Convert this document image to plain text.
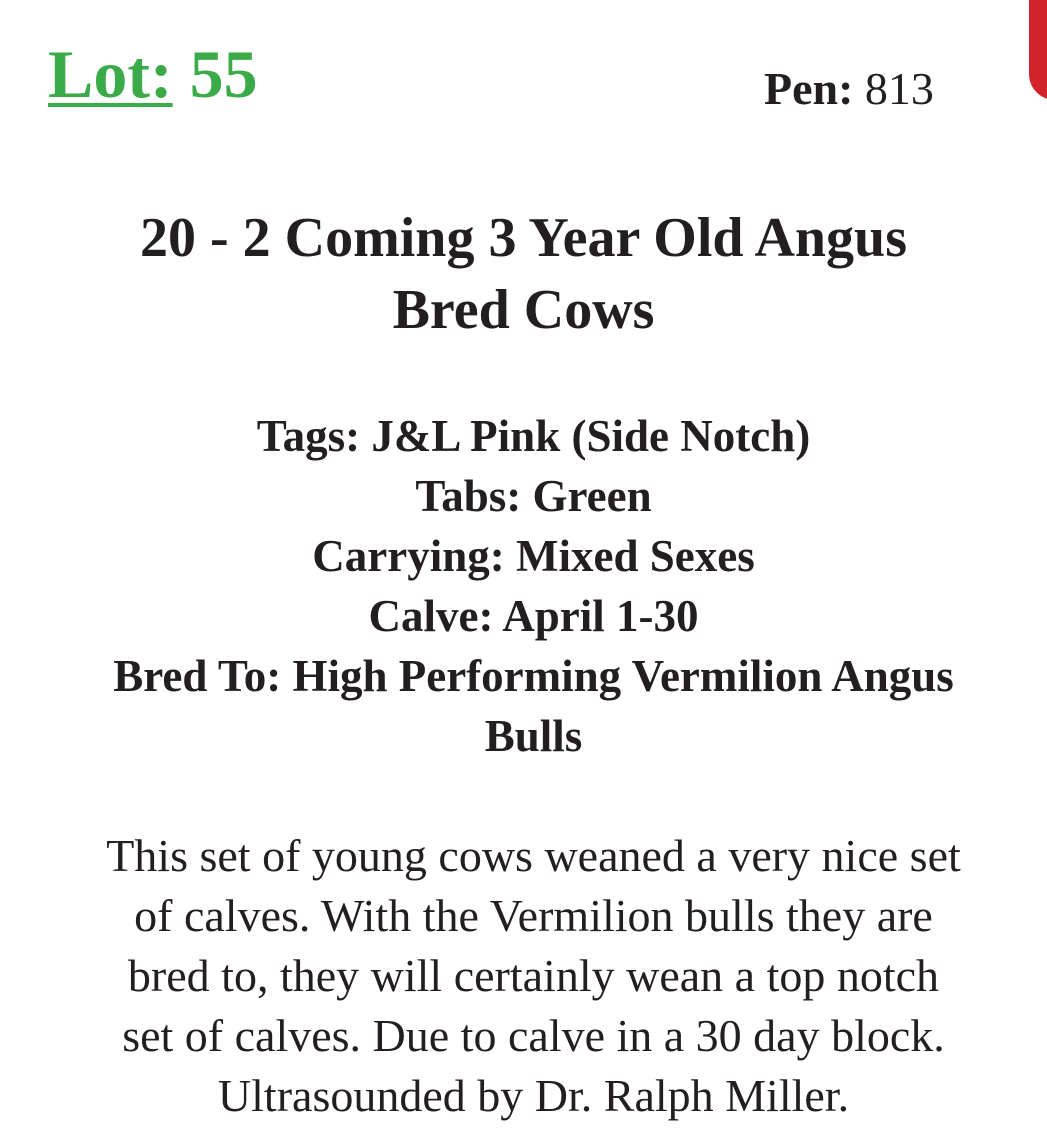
Lot: 55	Pen: 813
20 - 2 Coming 3 Year Old Angus
Bred Cows
Tags: J&L Pink (Side Notch)
Tabs: Green
Carrying: Mixed Sexes
Calve: April 1-30
Bred To: High Performing Vermilion Angus
Bulls
This set of young cows weaned a very nice set
of calves. With the Vermilion bulls they are
bred to, they will certainly wean a top notch
set of calves. Due to calve in a 30 day block.
Ultrasounded by Dr. Ralph Miller.
